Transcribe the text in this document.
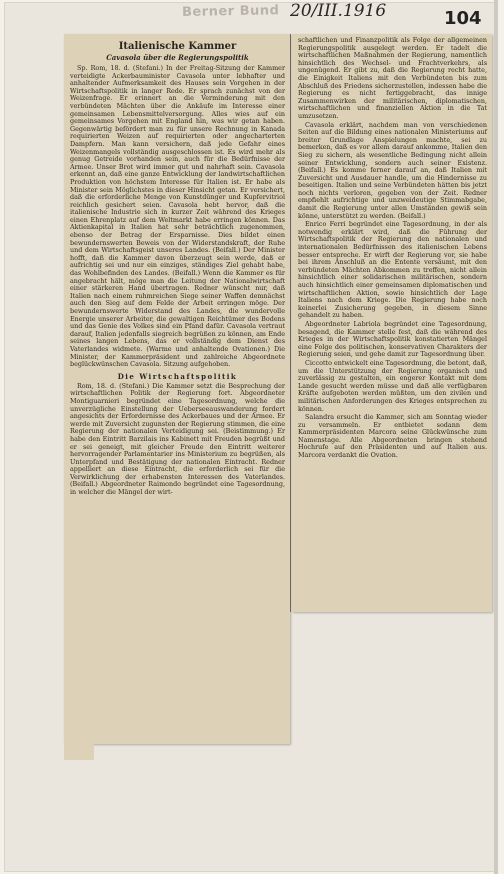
Berner Bund 20/III.1916	104
Italienische Kammer
Cavasola über die Regierungspolitik

Sp. Rom, 18. d. (Stefani.) In der Freitag-Sitzung der Kammer verteidigte Ackerbauminister Cavasola unter lebhafter und anhaltender Aufmerksamkeit des Hauses sein Vorgehen in der Wirtschaftspolitik in langer Rede. Er sprach zunächst von der Weizenfrage. Er erinnert an die Verminderung mit den verbündeten Mächten über die Ankäufe im Interesse einer gemeinsamen Lebensmittelversorgung. Alles wies auf ein gemeinsames Vorgehen mit England hin, was wir getan haben. Gegenwärtig befördert man zu für unsere Rechnung in Kanada requirierten Weizen auf requirierten oder angecharterten Dampfern. Man kann versichern, daß jede Gefahr eines Weizenmangels vollständig ausgeschlossen ist. Es wird mehr als genug Getreide vorhanden sein, auch für die Bedürfnisse der Armee. Unser Brot wird immer gut und nahrhaft sein. Cavasola erkennt an, daß eine ganze Entwicklung der landwirtschaftlichen Produktion von höchstem Interesse für Italien ist. Er habe als Minister sein Möglichstes in dieser Hinsicht getan. Er versichert, daß die erforderliche Menge von Kunstdünger und Kupfervitriol reichlich gesichert seien. Cavasola hebt hervor, daß die italienische Industrie sich in kurzer Zeit während des Krieges einen Ehrenplatz auf dem Weltmarkt habe erringen können. Das Aktienkapital in Italien hat sehr beträchtlich zugenommen, ebenso der Betrag der Ersparnisse. Dies bildet einen bewundernswerten Beweis von der Widerstandskraft, der Ruhe und dem Wirtschaftsgeist unseres Landes. (Beifall.) Der Minister hofft, daß die Kammer davon überzeugt sein werde, daß er aufrichtig sei und nur ein einziges, ständiges Ziel gehabt habe, das Wohlbefinden des Landes. (Beifall.) Wenn die Kammer es für angebracht hält, möge man die Leitung der Nationalwirtschaft einer stärkeren Hand übertragen. Redner wünscht nur, daß Italien nach einem ruhmreichen Siege seiner Waffen demnächst auch den Sieg auf dem Felde der Arbeit erringen möge. Der bewundernswerte Widerstand des Landes, die wundervolle Energie unserer Arbeiter, die gewaltigen Reichtümer des Bodens und das Genie des Volkes sind ein Pfand dafür. Cavasola vertraut darauf, Italien jedenfalls siegreich begrüßen zu können, am Ende seines langen Lebens, das er vollständig dem Dienst des Vaterlandes widmete. (Warme und anhaltende Ovationen.) Die Minister, der Kammerpräsident und zahlreiche Abgeordnete beglückwünschen Cavasola. Sitzung aufgehoben.

Die Wirtschaftspolitik

Rom, 18. d. (Stefani.) Die Kammer setzt die Besprechung der wirtschaftlichen Politik der Regierung fort. Abgeordneter Montiguarnieri begründet eine Tagesordnung, welche die unverzügliche Einstellung der Ueberseeauswanderung fordert angesichts der Erfordernisse des Ackerbaues und der Armee. Er werde mit Zuversicht zugunsten der Regierung stimmen, die eine Regierung der nationalen Verteidigung sei. (Beistimmung.) Er habe den Eintritt Barzilais ins Kabinett mit Freuden begrüßt und er sei geneigt, mit gleicher Freude den Eintritt weiterer hervorragender Parlamentarier ins Ministerium zu begrüßen, als Unterpfand und Bestätigung der nationalen Eintracht. Redner appelliert an diese Eintracht, die erforderlich sei für die Verwirklichung der erhabensten Interessen des Vaterlandes. (Beifall.) Abgeordneter Raimondo begründet eine Tagesordnung, in welcher die Mängel der wirt-

schaftlichen und Finanzpolitik als Folge der allgemeinen Regierungspolitik ausgelegt werden. Er tadelt die wirtschaftlichen Maßnahmen der Regierung, namentlich hinsichtlich des Wechsel- und Frachtverkehrs, als ungenügend. Er gibt zu, daß die Regierung recht hatte, die Einigkeit Italiens mit den Verbündeten bis zum Abschluß des Friedens sicherzustellen, indessen habe die Regierung es nicht fertiggebracht, das innige Zusammenwirken der militärischen, diplomatischen, wirtschaftlichen und finanziellen Aktion in die Tat umzusetzen.

Cavasola erklärt, nachdem man von verschiedenen Seiten auf die Bildung eines nationalen Ministeriums auf breiter Grundlage Anspielungen machte, sei zu bemerken, daß es vor allem darauf ankomme, Italien den Sieg zu sichern, als wesentliche Bedingung nicht allein seiner Entwicklung, sondern auch seiner Existenz. (Beifall.) Es komme ferner darauf an, daß Italien mit Zuversicht und Ausdauer handle, um die Hindernisse zu beseitigen. Italien und seine Verbündeten hätten bis jetzt noch nichts verloren, gegeben von der Zeit. Redner empfiehlt aufrichtige und unzweideutige Stimmabgabe, damit die Regierung unter allen Umständen gewiß sein könne, unterstützt zu werden. (Beifall.)

Enrico Ferri begründet eine Tagesordnung, in der als notwendig erklärt wird, daß die Führung der Wirtschaftspolitik der Regierung den nationalen und internationalen Bedürfnissen des italienischen Lebens besser entspreche. Er wirft der Regierung vor, sie habe bei ihrem Anschluß an die Entente versäumt, mit den verbündeten Mächten Abkommen zu treffen, nicht allein hinsichtlich einer solidarischen militärischen, sondern auch hinsichtlich einer gemeinsamen diplomatischen und wirtschaftlichen Aktion, sowie hinsichtlich der Lage Italiens nach dem Kriege. Die Regierung habe noch keinerlei Zusicherung gegeben, in diesem Sinne gehandelt zu haben.

Abgeordneter Labriola begründet eine Tagesordnung, besagend, die Kammer stelle fest, daß die während des Krieges in der Wirtschaftspolitik konstatierten Mängel eine Folge des politischen, konservativen Charakters der Regierung seien, und gehe damit zur Tagesordnung über.

Ciccotto entwickelt eine Tagesordnung, die betont, daß, um die Unterstützung der Regierung organisch und zuverlässig zu gestalten, ein engerer Kontakt mit dem Lande gesucht werden müsse und daß alle verfügbaren Kräfte aufgeboten werden müßten, um den zivilen und militärischen Anforderungen des Krieges entsprechen zu können.

Salandra ersucht die Kammer, sich am Sonntag wieder zu versammeln. Er entbietet sodann dem Kammerpräsidenten Marcora seine Glückwünsche zum Namenstage. Alle Abgeordneten bringen stehend Hochrufe auf den Präsidenten und auf Italien aus. Marcora verdankt die Ovation.
